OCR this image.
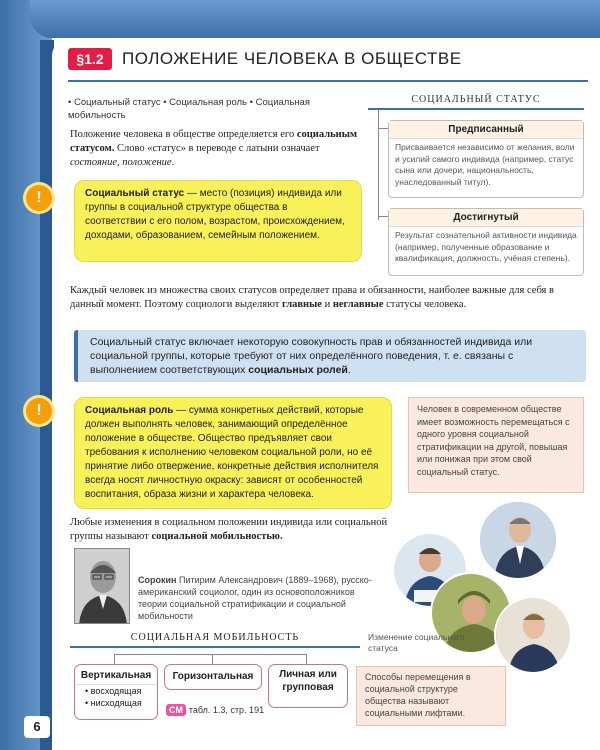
§1.2	ПОЛОЖЕНИЕ ЧЕЛОВЕКА В ОБЩЕСТВЕ
• Социальный статус • Социальная роль • Социальная мобильность
Положение человека в обществе определяется его социальным статусом. Слово «статус» в переводе с латыни означает состояние, положение.
!	Социальный статус — место (позиция) индивида или группы в социальной структуре общества в соответствии с его полом, возрастом, происхождением, доходами, образованием, семейным положением.
СОЦИАЛЬНЫЙ СТАТУС
Предписанный
Присваивается независимо от желания, воли и усилий самого индивида (например, статус сына или дочери, национальность, унаследованный титул).
Достигнутый
Результат сознательной активности индивида (например, полученные образование и квалификация, должность, учёная степень).
Каждый человек из множества своих статусов определяет права и обязанности, наиболее важные для себя в данный момент. Поэтому социологи выделяют главные и неглавные статусы человека.
Социальный статус включает некоторую совокупность прав и обязанностей индивида или социальной группы, которые требуют от них определённого поведения, т. е. связаны с выполнением соответствующих социальных ролей.
!	Социальная роль — сумма конкретных действий, которые должен выполнять человек, занимающий определённое положение в обществе. Общество предъявляет свои требования к исполнению человеком социальной роли, но её принятие либо отвержение, конкретные действия исполнителя всегда носят личностную окраску: зависят от особенностей воспитания, образа жизни и характера человека.
Человек в современном обществе имеет возможность перемещаться с одного уровня социальной стратификации на другой, повышая или понижая при этом свой социальный статус.
Любые изменения в социальном положении индивида или социальной группы называют социальной мобильностью.
Сорокин Питирим Александрович (1889–1968), русско-американский социолог, один из основоположников теории социальной стратификации и социальной мобильности
СОЦИАЛЬНАЯ МОБИЛЬНОСТЬ
Вертикальная
• восходящая
• нисходящая
Горизонтальная	Личная или групповая
СМ табл. 1.3, стр. 191
Изменение социального статуса
Способы перемещения в социальной структуре общества называют социальными лифтами.
6
